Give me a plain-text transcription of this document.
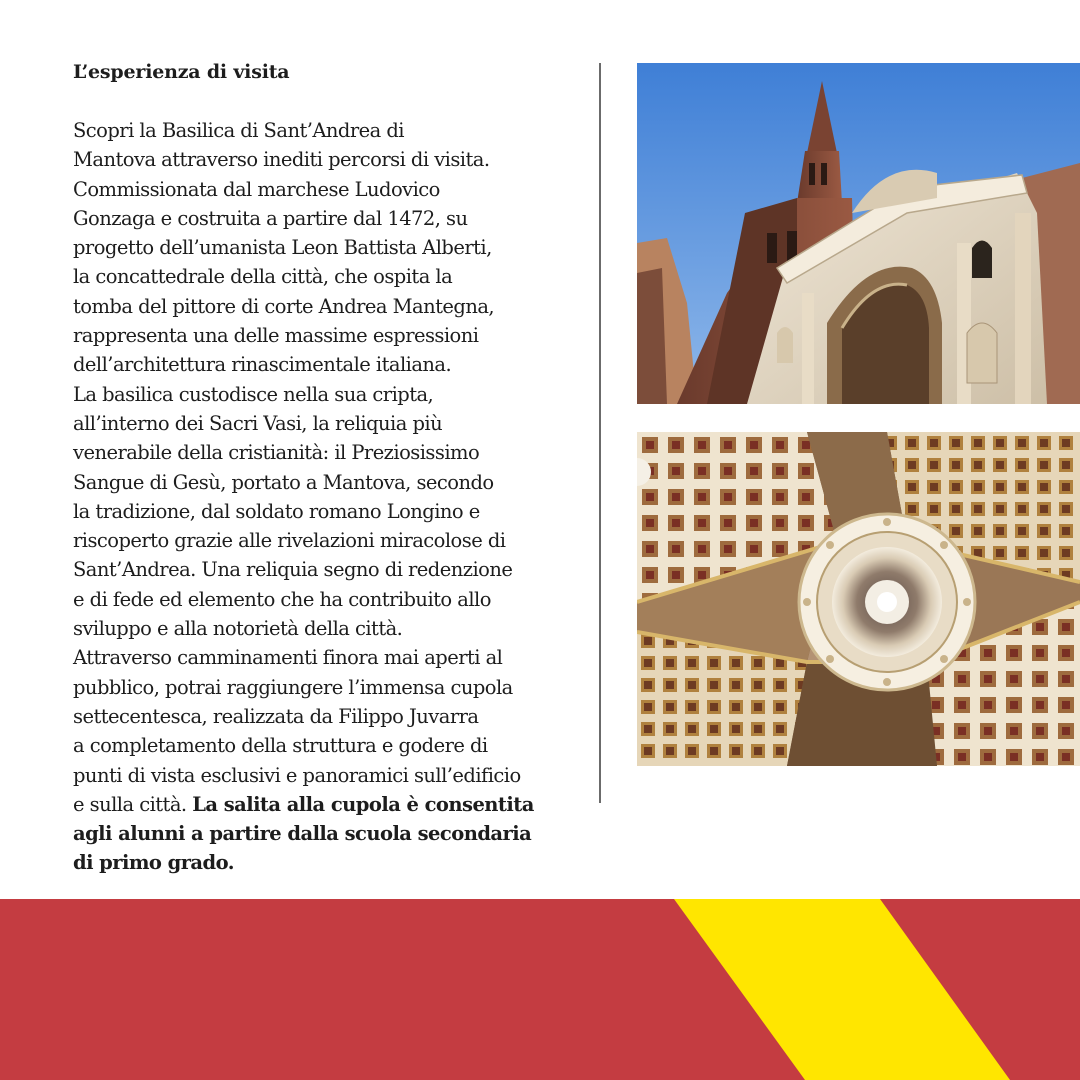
L’esperienza di visita

Scopri la Basilica di Sant’Andrea di
Mantova attraverso inediti percorsi di visita.
Commissionata dal marchese Ludovico
Gonzaga e costruita a partire dal 1472, su
progetto dell’umanista Leon Battista Alberti,
la concattedrale della città, che ospita la
tomba del pittore di corte Andrea Mantegna,
rappresenta una delle massime espressioni
dell’architettura rinascimentale italiana.
La basilica custodisce nella sua cripta,
all’interno dei Sacri Vasi, la reliquia più
venerabile della cristianità: il Preziosissimo
Sangue di Gesù, portato a Mantova, secondo
la tradizione, dal soldato romano Longino e
riscoperto grazie alle rivelazioni miracolose di
Sant’Andrea. Una reliquia segno di redenzione
e di fede ed elemento che ha contribuito allo
sviluppo e alla notorietà della città.
Attraverso camminamenti finora mai aperti al
pubblico, potrai raggiungere l’immensa cupola
settecentesca, realizzata da Filippo Juvarra
a completamento della struttura e godere di
punti di vista esclusivi e panoramici sull’edificio
e sulla città. La salita alla cupola è consentita
agli alunni a partire dalla scuola secondaria
di primo grado.
